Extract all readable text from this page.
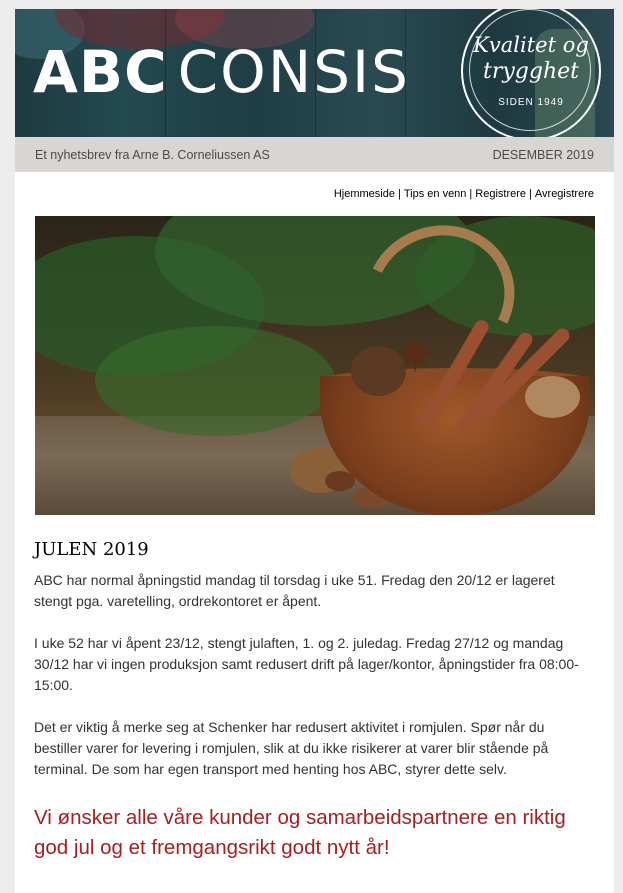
ABC CONSIS	Kvalitet og
trygghet
SIDEN 1949
Et nyhetsbrev fra Arne B. Corneliussen AS	DESEMBER 2019
Hjemmeside | Tips en venn | Registrere | Avregistrere
✷
JULEN 2019
ABC har normal åpningstid mandag til torsdag i uke 51. Fredag den 20/12 er lageret stengt pga. varetelling, ordrekontoret er åpent.
I uke 52 har vi åpent 23/12, stengt julaften, 1. og 2. juledag. Fredag 27/12 og mandag 30/12 har vi ingen produksjon samt redusert drift på lager/kontor, åpningstider fra 08:00-15:00.
Det er viktig å merke seg at Schenker har redusert aktivitet i romjulen. Spør når du bestiller varer for levering i romjulen, slik at du ikke risikerer at varer blir stående på terminal. De som har egen transport med henting hos ABC, styrer dette selv.
Vi ønsker alle våre kunder og samarbeidspartnere en riktig god jul og et fremgangsrikt godt nytt år!
